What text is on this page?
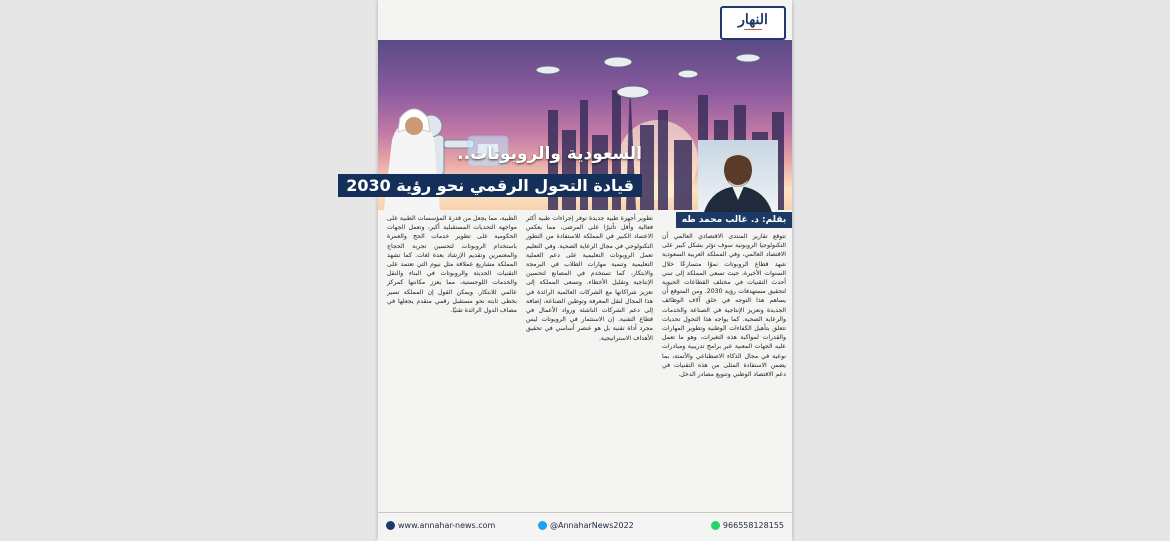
النهار
━━━━━━
السعودية والروبوتات..
قيادة التحول الرقمي نحو رؤية 2030
بقلم: د. غالب محمد طه
تتوقع تقارير المنتدى الاقتصادي العالمي أن التكنولوجيا الروبوتية سوف تؤثر بشكل كبير على الاقتصاد العالمي، وفي المملكة العربية السعودية شهد قطاع الروبوتات نموًا متسارعًا خلال السنوات الأخيرة، حيث تسعى المملكة إلى تبني أحدث التقنيات في مختلف القطاعات الحيوية لتحقيق مستهدفات رؤية 2030. ومن المتوقع أن يساهم هذا التوجه في خلق آلاف الوظائف الجديدة وتعزيز الإنتاجية في الصناعة والخدمات والرعاية الصحية. كما يواجه هذا التحول تحديات تتعلق بتأهيل الكفاءات الوطنية وتطوير المهارات والقدرات لمواكبة هذه التغيرات، وهو ما تعمل عليه الجهات المعنية عبر برامج تدريبية ومبادرات نوعية في مجال الذكاء الاصطناعي والأتمتة، بما يضمن الاستفادة المثلى من هذه التقنيات في دعم الاقتصاد الوطني وتنويع مصادر الدخل.
تطوير أجهزة طبية جديدة توفر إجراءات طبية أكثر فعالية وأقل تأثيرًا على المرضى، مما يعكس الاعتماد الكبير في المملكة للاستفادة من التطور التكنولوجي في مجال الرعاية الصحية. وفي التعليم تعمل الروبوتات التعليمية على دعم العملية التعليمية وتنمية مهارات الطلاب في البرمجة والابتكار، كما تستخدم في المصانع لتحسين الإنتاجية وتقليل الأخطاء. وتسعى المملكة إلى تعزيز شراكاتها مع الشركات العالمية الرائدة في هذا المجال لنقل المعرفة وتوطين الصناعة، إضافة إلى دعم الشركات الناشئة ورواد الأعمال في قطاع التقنية. إن الاستثمار في الروبوتات ليس مجرد أداة تقنية بل هو عنصر أساسي في تحقيق الأهداف الاستراتيجية.
الطبية، مما يجعل من قدرة المؤسسات الطبية على مواجهة التحديات المستقبلية أكبر، وتعمل الجهات الحكومية على تطوير خدمات الحج والعمرة باستخدام الروبوتات لتحسين تجربة الحجاج والمعتمرين وتقديم الإرشاد بعدة لغات. كما تشهد المملكة مشاريع عملاقة مثل نيوم التي تعتمد على التقنيات الحديثة والروبوتات في البناء والنقل والخدمات اللوجستية، مما يعزز مكانتها كمركز عالمي للابتكار. ويمكن القول إن المملكة تسير بخطى ثابتة نحو مستقبل رقمي متقدم يجعلها في مصاف الدول الرائدة تقنيًا.
www.annahar-news.com	@AnnaharNews2022	966558128155
